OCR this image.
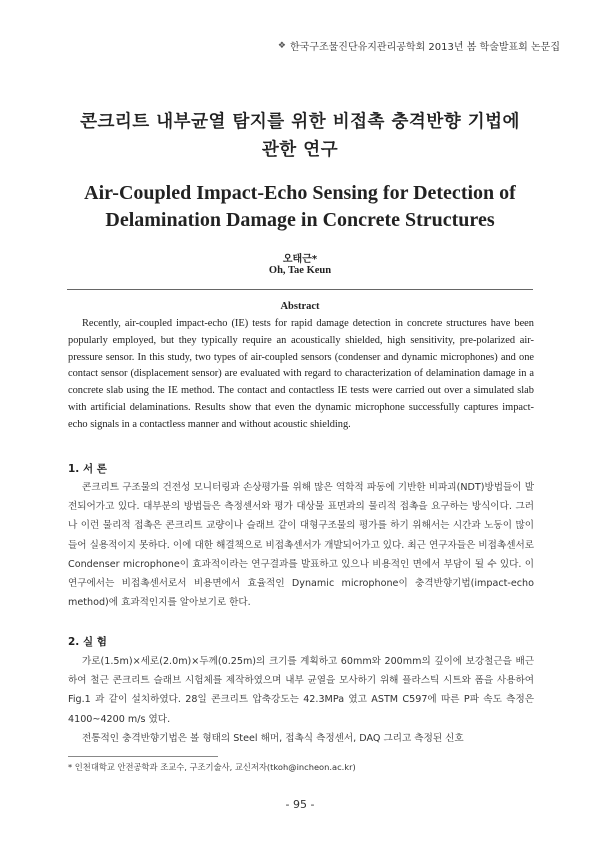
❖ 한국구조물진단유지관리공학회 2013년 봄 학술발표회 논문집
콘크리트 내부균열 탐지를 위한 비접촉 충격반향 기법에
관한 연구
Air-Coupled Impact-Echo Sensing for Detection of
Delamination Damage in Concrete Structures
오태근*
Oh, Tae Keun
Abstract
Recently, air-coupled impact-echo (IE) tests for rapid damage detection in concrete structures have been popularly employed, but they typically require an acoustically shielded, high sensitivity, pre-polarized air-pressure sensor. In this study, two types of air-coupled sensors (condenser and dynamic microphones) and one contact sensor (displacement sensor) are evaluated with regard to characterization of delamination damage in a concrete slab using the IE method. The contact and contactless IE tests were carried out over a simulated slab with artificial delaminations. Results show that even the dynamic microphone successfully captures impact-echo signals in a contactless manner and without acoustic shielding.
1. 서 론

콘크리트 구조물의 건전성 모니터링과 손상평가를 위해 많은 역학적 파동에 기반한 비파괴(NDT)방법들이 발전되어가고 있다. 대부분의 방법들은 측정센서와 평가 대상물 표면과의 물리적 접촉을 요구하는 방식이다. 그러나 이런 물리적 접촉은 콘크리트 교량이나 슬래브 같이 대형구조물의 평가를 하기 위해서는 시간과 노동이 많이 들어 실용적이지 못하다. 이에 대한 해결책으로 비접촉센서가 개발되어가고 있다. 최근 연구자들은 비접촉센서로 Condenser microphone이 효과적이라는 연구결과를 발표하고 있으나 비용적인 면에서 부담이 될 수 있다. 이 연구에서는 비접촉센서로서 비용면에서 효율적인 Dynamic microphone이 충격반향기법(impact-echo method)에 효과적인지를 알아보기로 한다.

2. 실 험

가로(1.5m)×세로(2.0m)×두께(0.25m)의 크기를 계획하고 60mm와 200mm의 깊이에 보강철근을 배근하여 철근 콘크리트 슬래브 시험체를 제작하였으며 내부 균열을 모사하기 위해 플라스틱 시트와 폼을 사용하여 Fig.1 과 같이 설치하였다. 28일 콘크리트 압축강도는 42.3MPa 였고 ASTM C597에 따른 P파 속도 측정은 4100~4200 m/s 였다.

전통적인 충격반향기법은 볼 형태의 Steel 해머, 접촉식 측정센서, DAQ 그리고 측정된 신호

* 인천대학교 안전공학과 조교수, 구조기술사, 교신저자(tkoh@incheon.ac.kr)
- 95 -
